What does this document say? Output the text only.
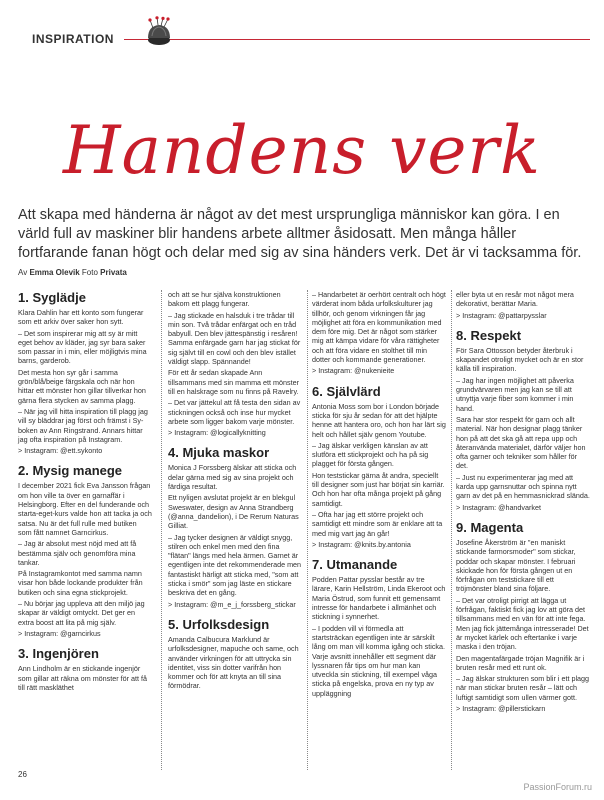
INSPIRATION
Handens verk
Att skapa med händerna är något av det mest ursprungliga människor kan göra. I en värld full av maskiner blir handens arbete alltmer åsidosatt. Men många håller fortfarande fanan högt och delar med sig av sina händers verk. Det är vi tacksamma för.
Av Emma Olevik Foto Privata
1. Syglädje

Klara Dahlin har ett konto som fungerar som ett arkiv över saker hon sytt.

– Det som inspirerar mig att sy är mitt eget behov av kläder, jag syr bara saker som passar in i min, eller möjligtvis mina barns, garderob.

Det mesta hon syr går i samma grön/blå/beige färgskala och när hon hittar ett mönster hon gillar tillverkar hon gärna flera stycken av samma plagg.

– När jag vill hitta inspiration till plagg jag vill sy bläddrar jag först och främst i Sy-boken av Ann Ringstrand. Annars hittar jag ofta inspiration på Instagram.

> Instagram: @ett.sykonto

2. Mysig manege

I december 2021 fick Eva Jansson frågan om hon ville ta över en garnaffär i Helsingborg. Efter en del funderande och starta-eget-kurs valde hon att tacka ja och satsa. Nu är det full rulle med butiken som fått namnet Garncirkus.

– Jag är absolut mest nöjd med att få bestämma själv och genomföra mina tankar.

På Instagramkontot med samma namn visar hon både lockande produkter från butiken och sina egna stickprojekt.

– Nu börjar jag uppleva att den miljö jag skapar är väldigt omtyckt. Det ger en extra boost att lita på mig själv.

> Instagram: @garncirkus

3. Ingenjören

Ann Lindholm är en stickande ingenjör som gillar att räkna om mönster för att få till rätt maskläthet

och att se hur själva konstruktionen bakom ett plagg fungerar.

– Jag stickade en halsduk i tre trådar till min son. Två trådar enfärgat och en tråd babyull. Den blev jättespänstig i resåren! Samma enfärgade garn har jag stickat för sig självt till en cowl och den blev istället väldigt slapp. Spännande!

För ett år sedan skapade Ann tillsammans med sin mamma ett mönster till en halskrage som nu finns på Ravelry.

– Det var jättekul att få testa den sidan av stickningen också och inse hur mycket arbete som ligger bakom varje mönster.

> Instagram: @logicallyknitting

4. Mjuka maskor

Monica J Forssberg älskar att sticka och delar gärna med sig av sina projekt och färdiga resultat.

Ett nyligen avslutat projekt är en blekgul Sweswater, design av Anna Strandberg (@anna_dandelion), i De Rerum Naturas Gilliat.

– Jag tycker designen är väldigt snygg, stilren och enkel men med den fina "flätan" längs med hela ärmen. Garnet är egentligen inte det rekommenderade men fantastiskt härligt att sticka med, "som att sticka i smör" som jag läste en stickare beskriva det en gång.

> Instagram: @m_e_j_forssberg_stickar

5. Urfolksdesign

Amanda Calbucura Marklund är urfolksdesigner, mapuche och same, och använder virkningen för att uttrycka sin identitet, viss sin dotter varifrån hon kommer och för att knyta an till sina förmödrar.

– Handarbetet är oerhört centralt och högt värderat inom båda urfolkskulturer jag tillhör, och genom virkningen får jag möjlighet att föra en kommunikation med dem före mig. Det är något som stärker mig att kämpa vidare för våra rättigheter och att föra vidare en stolthet till min dotter och kommande generationer.

> Instagram: @nukenieite

6. Självlärd

Antonia Moss som bor i London började sticka för sju år sedan för att det hjälpte henne att hantera oro, och hon har lärt sig helt och hållet själv genom Youtube.

– Jag älskar verkligen känslan av att slutföra ett stickprojekt och ha på sig plagget för första gången.

Hon teststickar gärna åt andra, speciellt till designer som just har börjat sin karriär. Och hon har ofta många projekt på gång samtidigt.

– Ofta har jag ett större projekt och samtidigt ett mindre som är enklare att ta med mig vart jag än går!

> Instagram: @knits.by.antonia

7. Utmanande

Podden Pattar pysslar består av tre lärare, Karin Hellström, Linda Ekeroot och Maria Östrud, som funnit ett gemensamt intresse för handarbete i allmänhet och stickning i synnerhet.

– I podden vill vi förmedla att startsträckan egentligen inte är särskilt lång om man vill komma igång och sticka. Varje avsnitt innehåller ett segment där lyssnaren får tips om hur man kan utveckla sin stickning, till exempel våga sticka på engelska, prova en ny typ av uppläggning

eller byta ut en resår mot något mera dekorativt, berättar Maria.

> Instagram: @pattarpysslar

8. Respekt

För Sara Ottosson betyder återbruk i skapandet otroligt mycket och är en stor källa till inspiration.

– Jag har ingen möjlighet att påverka grundvärvaren men jag kan se till att utnyttja varje fiber som kommer i min hand.

Sara har stor respekt för garn och allt material. När hon designar plagg tänker hon på att det ska gå att repa upp och återanvända materialet, därför väljer hon ofta garner och tekniker som håller för det.

– Just nu experimenterar jag med att karda upp garnsnuttar och spinna nytt garn av det på en hemmasnickrad slända.

> Instagram: @handvarket

9. Magenta

Josefine Åkerström är "en maniskt stickande farmorsmoder" som stickar, poddar och skapar mönster. I februari skickade hon för första gången ut en förfrågan om teststickare till ett tröjmönster bland sina följare.

– Det var otroligt pirrigt att lägga ut förfrågan, faktiskt fick jag lov att göra det tillsammans med en vän för att inte fega. Men jag fick jättemånga intresserade! Det är mycket kärlek och eftertanke i varje maska i den tröjan.

Den magentafärgade tröjan Magnifik är i bruten resår med ett runt ok.

– Jag älskar strukturen som blir i ett plagg när man stickar bruten resår – lätt och luftigt samtidigt som ullen värmer gott.

> Instagram: @pillerstickarn

26
PassionForum.ru
